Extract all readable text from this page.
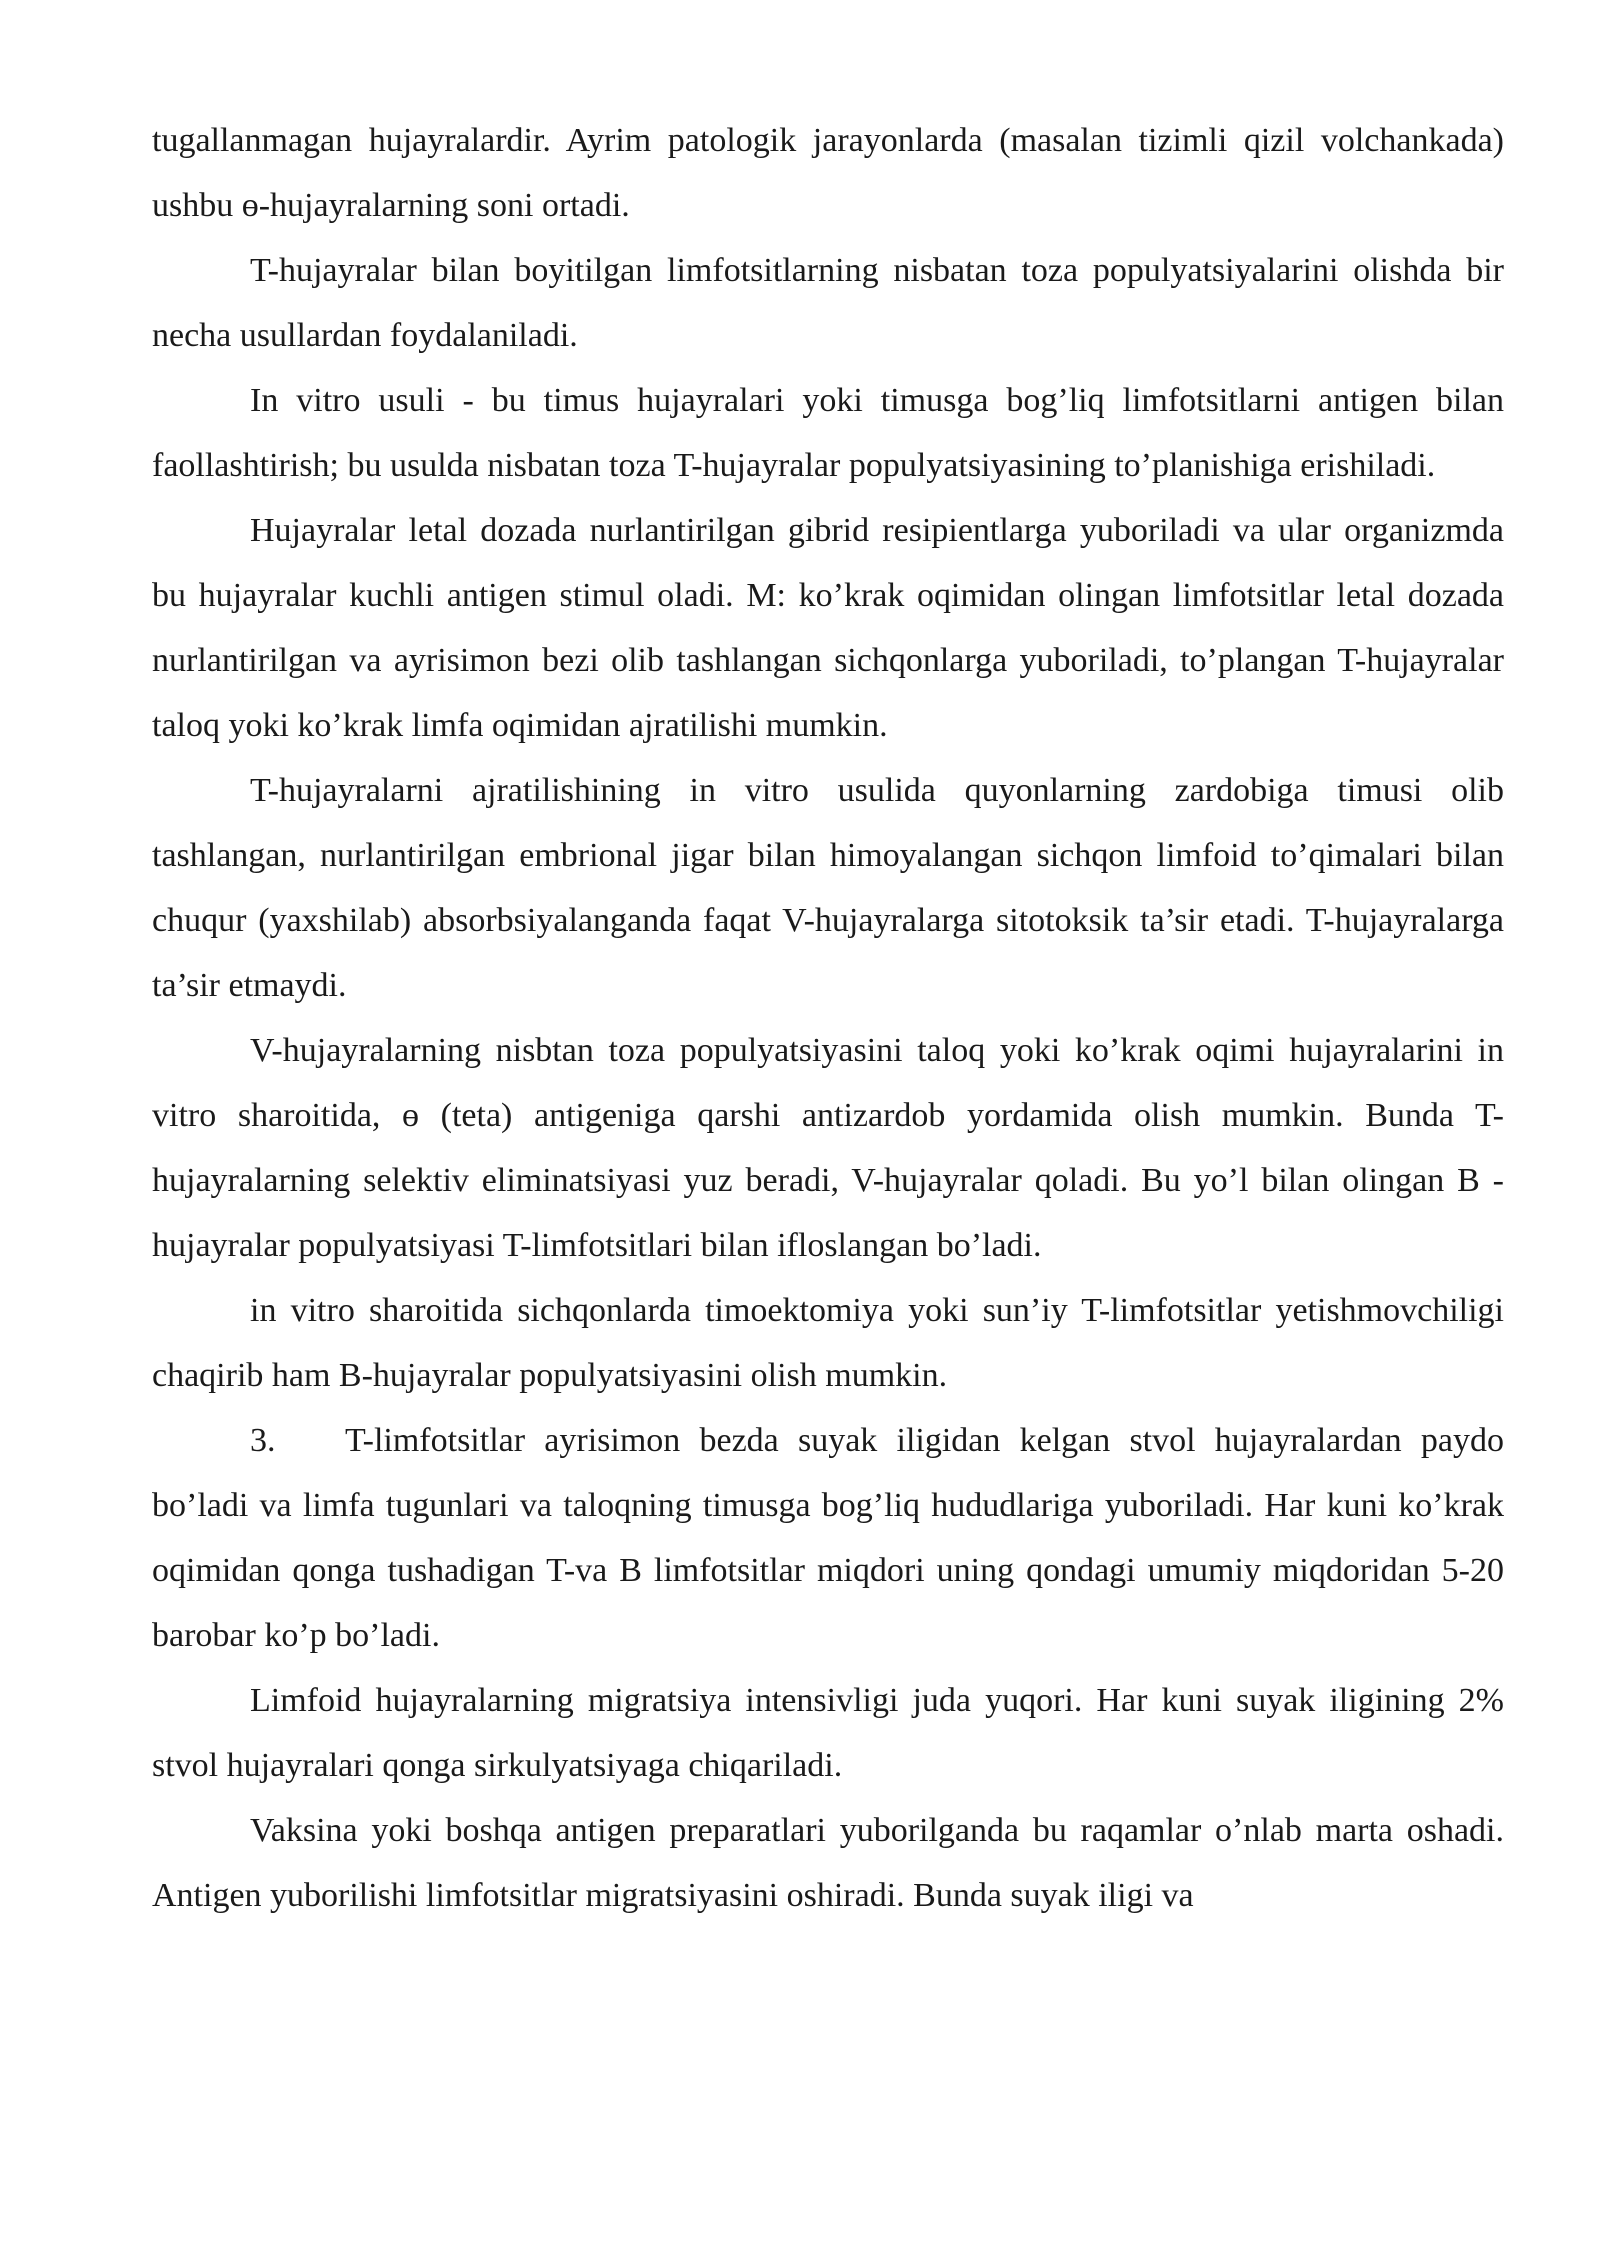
tugallanmagan hujayralardir. Ayrim patologik jarayonlarda (masalan tizimli qizil volchankada) ushbu ɵ-hujayralarning soni ortadi.

T-hujayralar bilan boyitilgan limfotsitlarning nisbatan toza populyatsiyalarini olishda bir necha usullardan foydalaniladi.

In vitro usuli - bu timus hujayralari yoki timusga bog’liq limfotsitlarni antigen bilan faollashtirish; bu usulda nisbatan toza T-hujayralar populyatsiyasining to’planishiga erishiladi.

Hujayralar letal dozada nurlantirilgan gibrid resipientlarga yuboriladi va ular organizmda bu hujayralar kuchli antigen stimul oladi. M: ko’krak oqimidan olingan limfotsitlar letal dozada nurlantirilgan va ayrisimon bezi olib tashlangan sichqonlarga yuboriladi, to’plangan T-hujayralar taloq yoki ko’krak limfa oqimidan ajratilishi mumkin.

T-hujayralarni ajratilishining in vitro usulida quyonlarning zardobiga timusi olib tashlangan, nurlantirilgan embrional jigar bilan himoyalangan sichqon limfoid to’qimalari bilan chuqur (yaxshilab) absorbsiyalanganda faqat V-hujayralarga sitotoksik ta’sir etadi. T-hujayralarga ta’sir etmaydi.

V-hujayralarning nisbtan toza populyatsiyasini taloq yoki ko’krak oqimi hujayralarini in vitro sharoitida, ɵ (teta) antigeniga qarshi antizardob yordamida olish mumkin. Bunda T-hujayralarning selektiv eliminatsiyasi yuz beradi, V-hujayralar qoladi. Bu yo’l bilan olingan B -hujayralar populyatsiyasi T-limfotsitlari bilan ifloslangan bo’ladi.

in vitro sharoitida sichqonlarda timoektomiya yoki sun’iy T-limfotsitlar yetishmovchiligi chaqirib ham B-hujayralar populyatsiyasini olish mumkin.

3. T-limfotsitlar ayrisimon bezda suyak iligidan kelgan stvol hujayralardan paydo bo’ladi va limfa tugunlari va taloqning timusga bog’liq hududlariga yuboriladi. Har kuni ko’krak oqimidan qonga tushadigan T-va B limfotsitlar miqdori uning qondagi umumiy miqdoridan 5-20 barobar ko’p bo’ladi.

Limfoid hujayralarning migratsiya intensivligi juda yuqori. Har kuni suyak iligining 2% stvol hujayralari qonga sirkulyatsiyaga chiqariladi.

Vaksina yoki boshqa antigen preparatlari yuborilganda bu raqamlar o’nlab marta oshadi. Antigen yuborilishi limfotsitlar migratsiyasini oshiradi. Bunda suyak iligi va
